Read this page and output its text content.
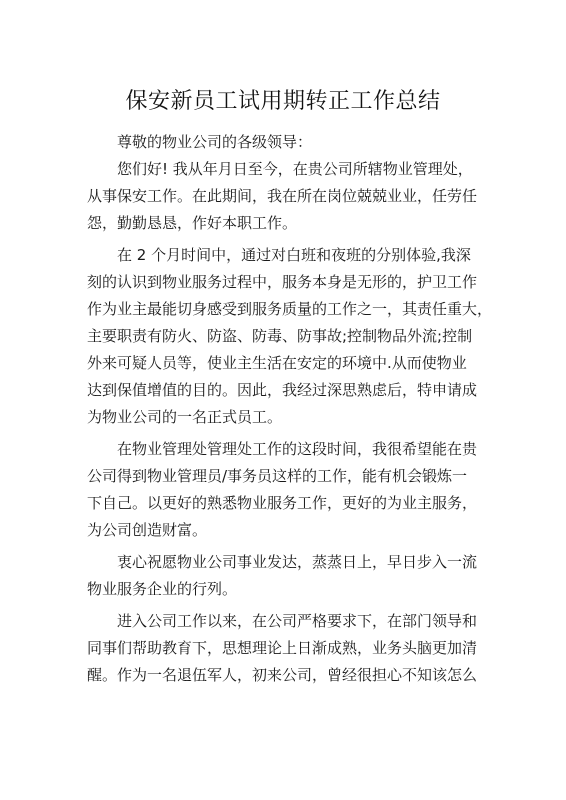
保安新员工试用期转正工作总结
尊敬的物业公司的各级领导：
您们好! 我从年月日至今，在贵公司所辖物业管理处，
从事保安工作。在此期间，我在所在岗位兢兢业业，任劳任
怨，勤勤恳恳，作好本职工作。
在 2 个月时间中，通过对白班和夜班的分别体验,我深
刻的认识到物业服务过程中，服务本身是无形的，护卫工作
作为业主最能切身感受到服务质量的工作之一，其责任重大，
主要职责有防火、防盗、防毒、防事故;控制物品外流;控制
外来可疑人员等，使业主生活在安定的环境中.从而使物业
达到保值增值的目的。因此，我经过深思熟虑后，特申请成
为物业公司的一名正式员工。
在物业管理处管理处工作的这段时间，我很希望能在贵
公司得到物业管理员/事务员这样的工作，能有机会锻炼一
下自己。以更好的熟悉物业服务工作，更好的为业主服务，
为公司创造财富。
衷心祝愿物业公司事业发达，蒸蒸日上，早日步入一流
物业服务企业的行列。
进入公司工作以来，在公司严格要求下，在部门领导和
同事们帮助教育下，思想理论上日渐成熟，业务头脑更加清
醒。作为一名退伍军人，初来公司，曾经很担心不知该怎么
